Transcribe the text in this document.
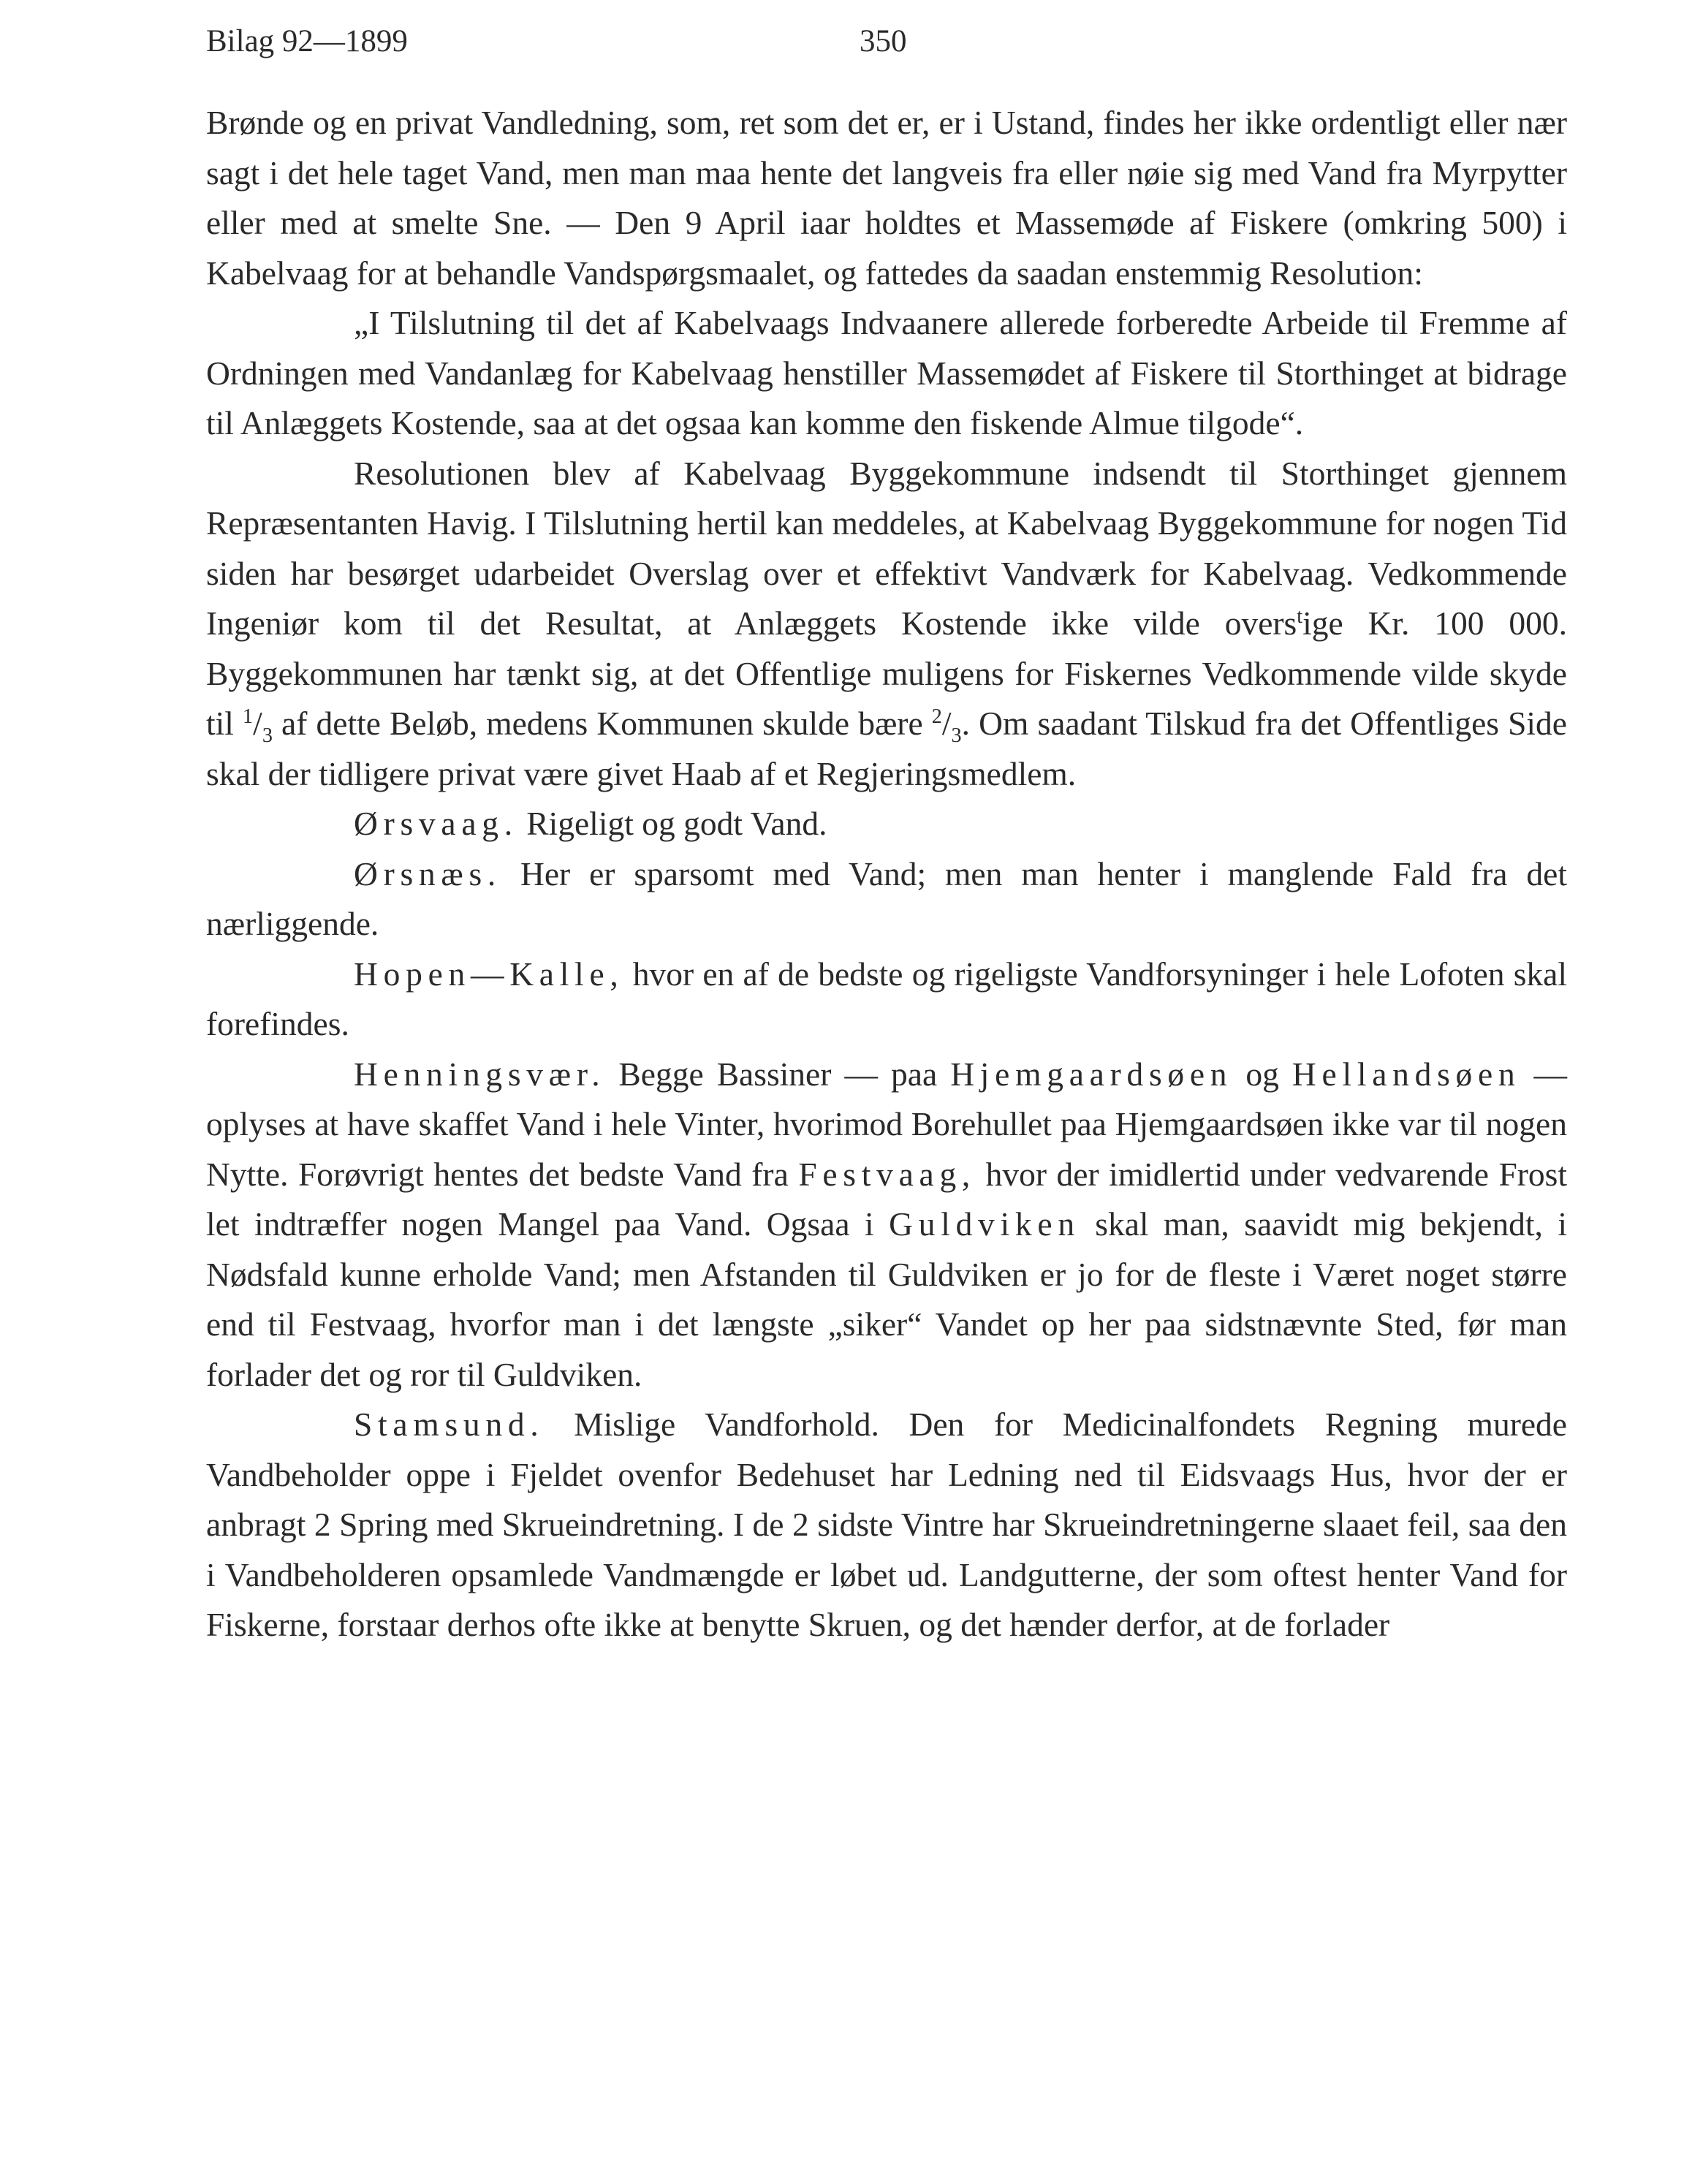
Bilag 92—1899	350

Brønde og en privat Vandledning, som, ret som det er, er i Ustand, findes her ikke ordentligt eller nær sagt i det hele taget Vand, men man maa hente det langveis fra eller nøie sig med Vand fra Myrpytter eller med at smelte Sne. — Den 9 April iaar holdtes et Massemøde af Fiskere (omkring 500) i Kabelvaag for at behandle Vandspørgsmaalet, og fattedes da saadan enstemmig Resolution:

„I Tilslutning til det af Kabelvaags Indvaanere allerede forberedte Arbeide til Fremme af Ordningen med Vandanlæg for Kabelvaag henstiller Massemødet af Fiskere til Storthinget at bidrage til Anlæggets Kostende, saa at det ogsaa kan komme den fiskende Almue tilgode“.

Resolutionen blev af Kabelvaag Byggekommune indsendt til Storthinget gjennem Repræsentanten Havig. I Tilslutning hertil kan meddeles, at Kabelvaag Byggekommune for nogen Tid siden har besørget udarbeidet Overslag over et effektivt Vandværk for Kabelvaag. Vedkommende Ingeniør kom til det Resultat, at Anlæggets Kostende ikke vilde overs$^t$ige Kr. 100 000. Byggekommunen har tænkt sig, at det Offentlige muligens for Fiskernes Vedkommende vilde skyde til $^1/_3$ af dette Beløb, medens Kommunen skulde bære $^2/_3$. Om saadant Tilskud fra det Offentliges Side skal der tidligere privat være givet Haab af et Regjeringsmedlem.

Ørsvaag. Rigeligt og godt Vand.

Ørsnæs. Her er sparsomt med Vand; men man henter i manglende Fald fra det nærliggende.

Hopen—Kalle, hvor en af de bedste og rigeligste Vandforsyninger i hele Lofoten skal forefindes.

Henningsvær. Begge Bassiner — paa Hjemgaardsøen og Hellandsøen — oplyses at have skaffet Vand i hele Vinter, hvorimod Borehullet paa Hjemgaardsøen ikke var til nogen Nytte. Forøvrigt hentes det bedste Vand fra Festvaag, hvor der imidlertid under vedvarende Frost let indtræffer nogen Mangel paa Vand. Ogsaa i Guldviken skal man, saavidt mig bekjendt, i Nødsfald kunne erholde Vand; men Afstanden til Guldviken er jo for de fleste i Været noget større end til Festvaag, hvorfor man i det længste „siker“ Vandet op her paa sidstnævnte Sted, før man forlader det og ror til Guldviken.

Stamsund. Mislige Vandforhold. Den for Medicinalfondets Regning murede Vandbeholder oppe i Fjeldet ovenfor Bedehuset har Ledning ned til Eidsvaags Hus, hvor der er anbragt 2 Spring med Skrueindretning. I de 2 sidste Vintre har Skrueindretningerne slaaet feil, saa den i Vandbeholderen opsamlede Vandmængde er løbet ud. Landgutterne, der som oftest henter Vand for Fiskerne, forstaar derhos ofte ikke at benytte Skruen, og det hænder derfor, at de forlader
